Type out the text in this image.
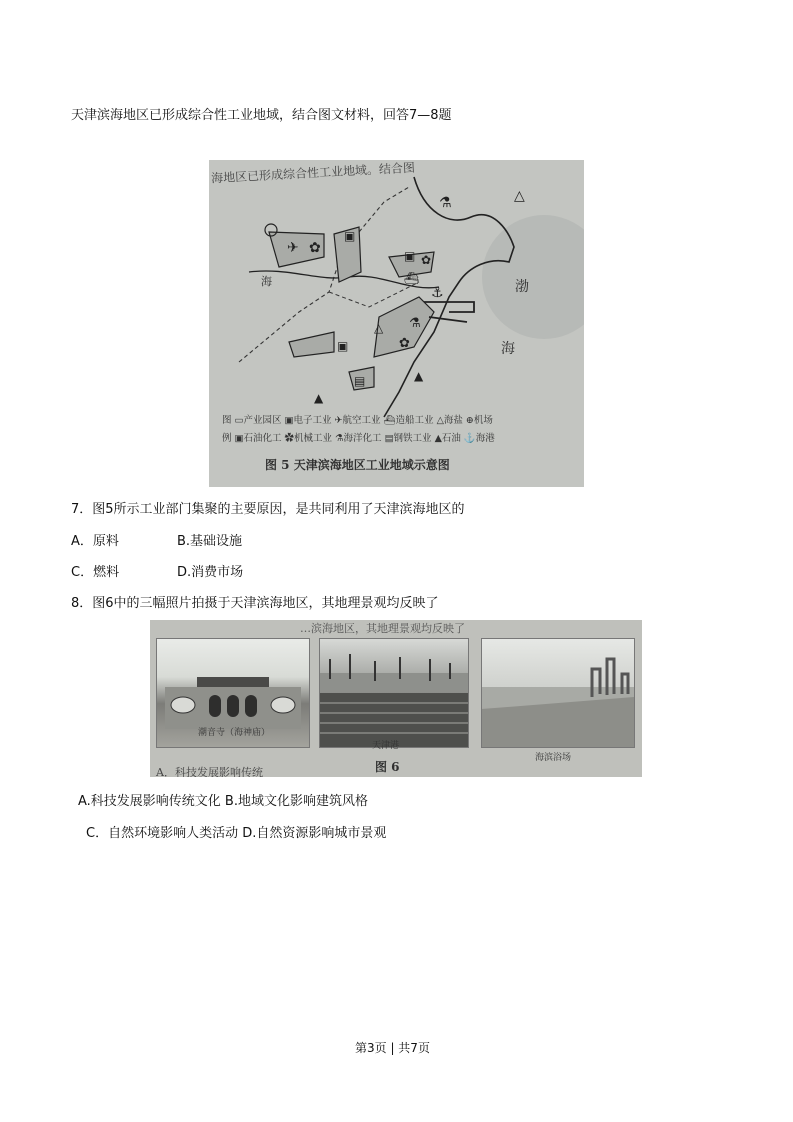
天津滨海地区已形成综合性工业地域，结合图文材料，回答7—8题
海地区已形成综合性工业地域。结合图
✈ ✿
▣
⚗	△
▣ ✿
⛴
⚓
⚗
✿
△
▣
▤
▲
▲
渤
海
海
图 ▭产业园区 ▣电子工业 ✈航空工业 ⛴造船工业 △海盐 ⊕机场
例 ▣石油化工 ✿机械工业 ⚗海洋化工 ▤钢铁工业 ▲石油 ⚓海港
图 5 天津滨海地区工业地域示意图
7．图5所示工业部门集聚的主要原因，是共同利用了天津滨海地区的
A．原料	B.基础设施
C．燃料	D.消费市场
8．图6中的三幅照片拍摄于天津滨海地区，其地理景观均反映了
…滨海地区，其地理景观均反映了
潮音寺（海神庙）
天津港
海滨浴场
图 6
A．科技发展影响传统
A.科技发展影响传统文化 B.地域文化影响建筑风格
C．自然环境影响人类活动 D.自然资源影响城市景观
第3页 | 共7页
